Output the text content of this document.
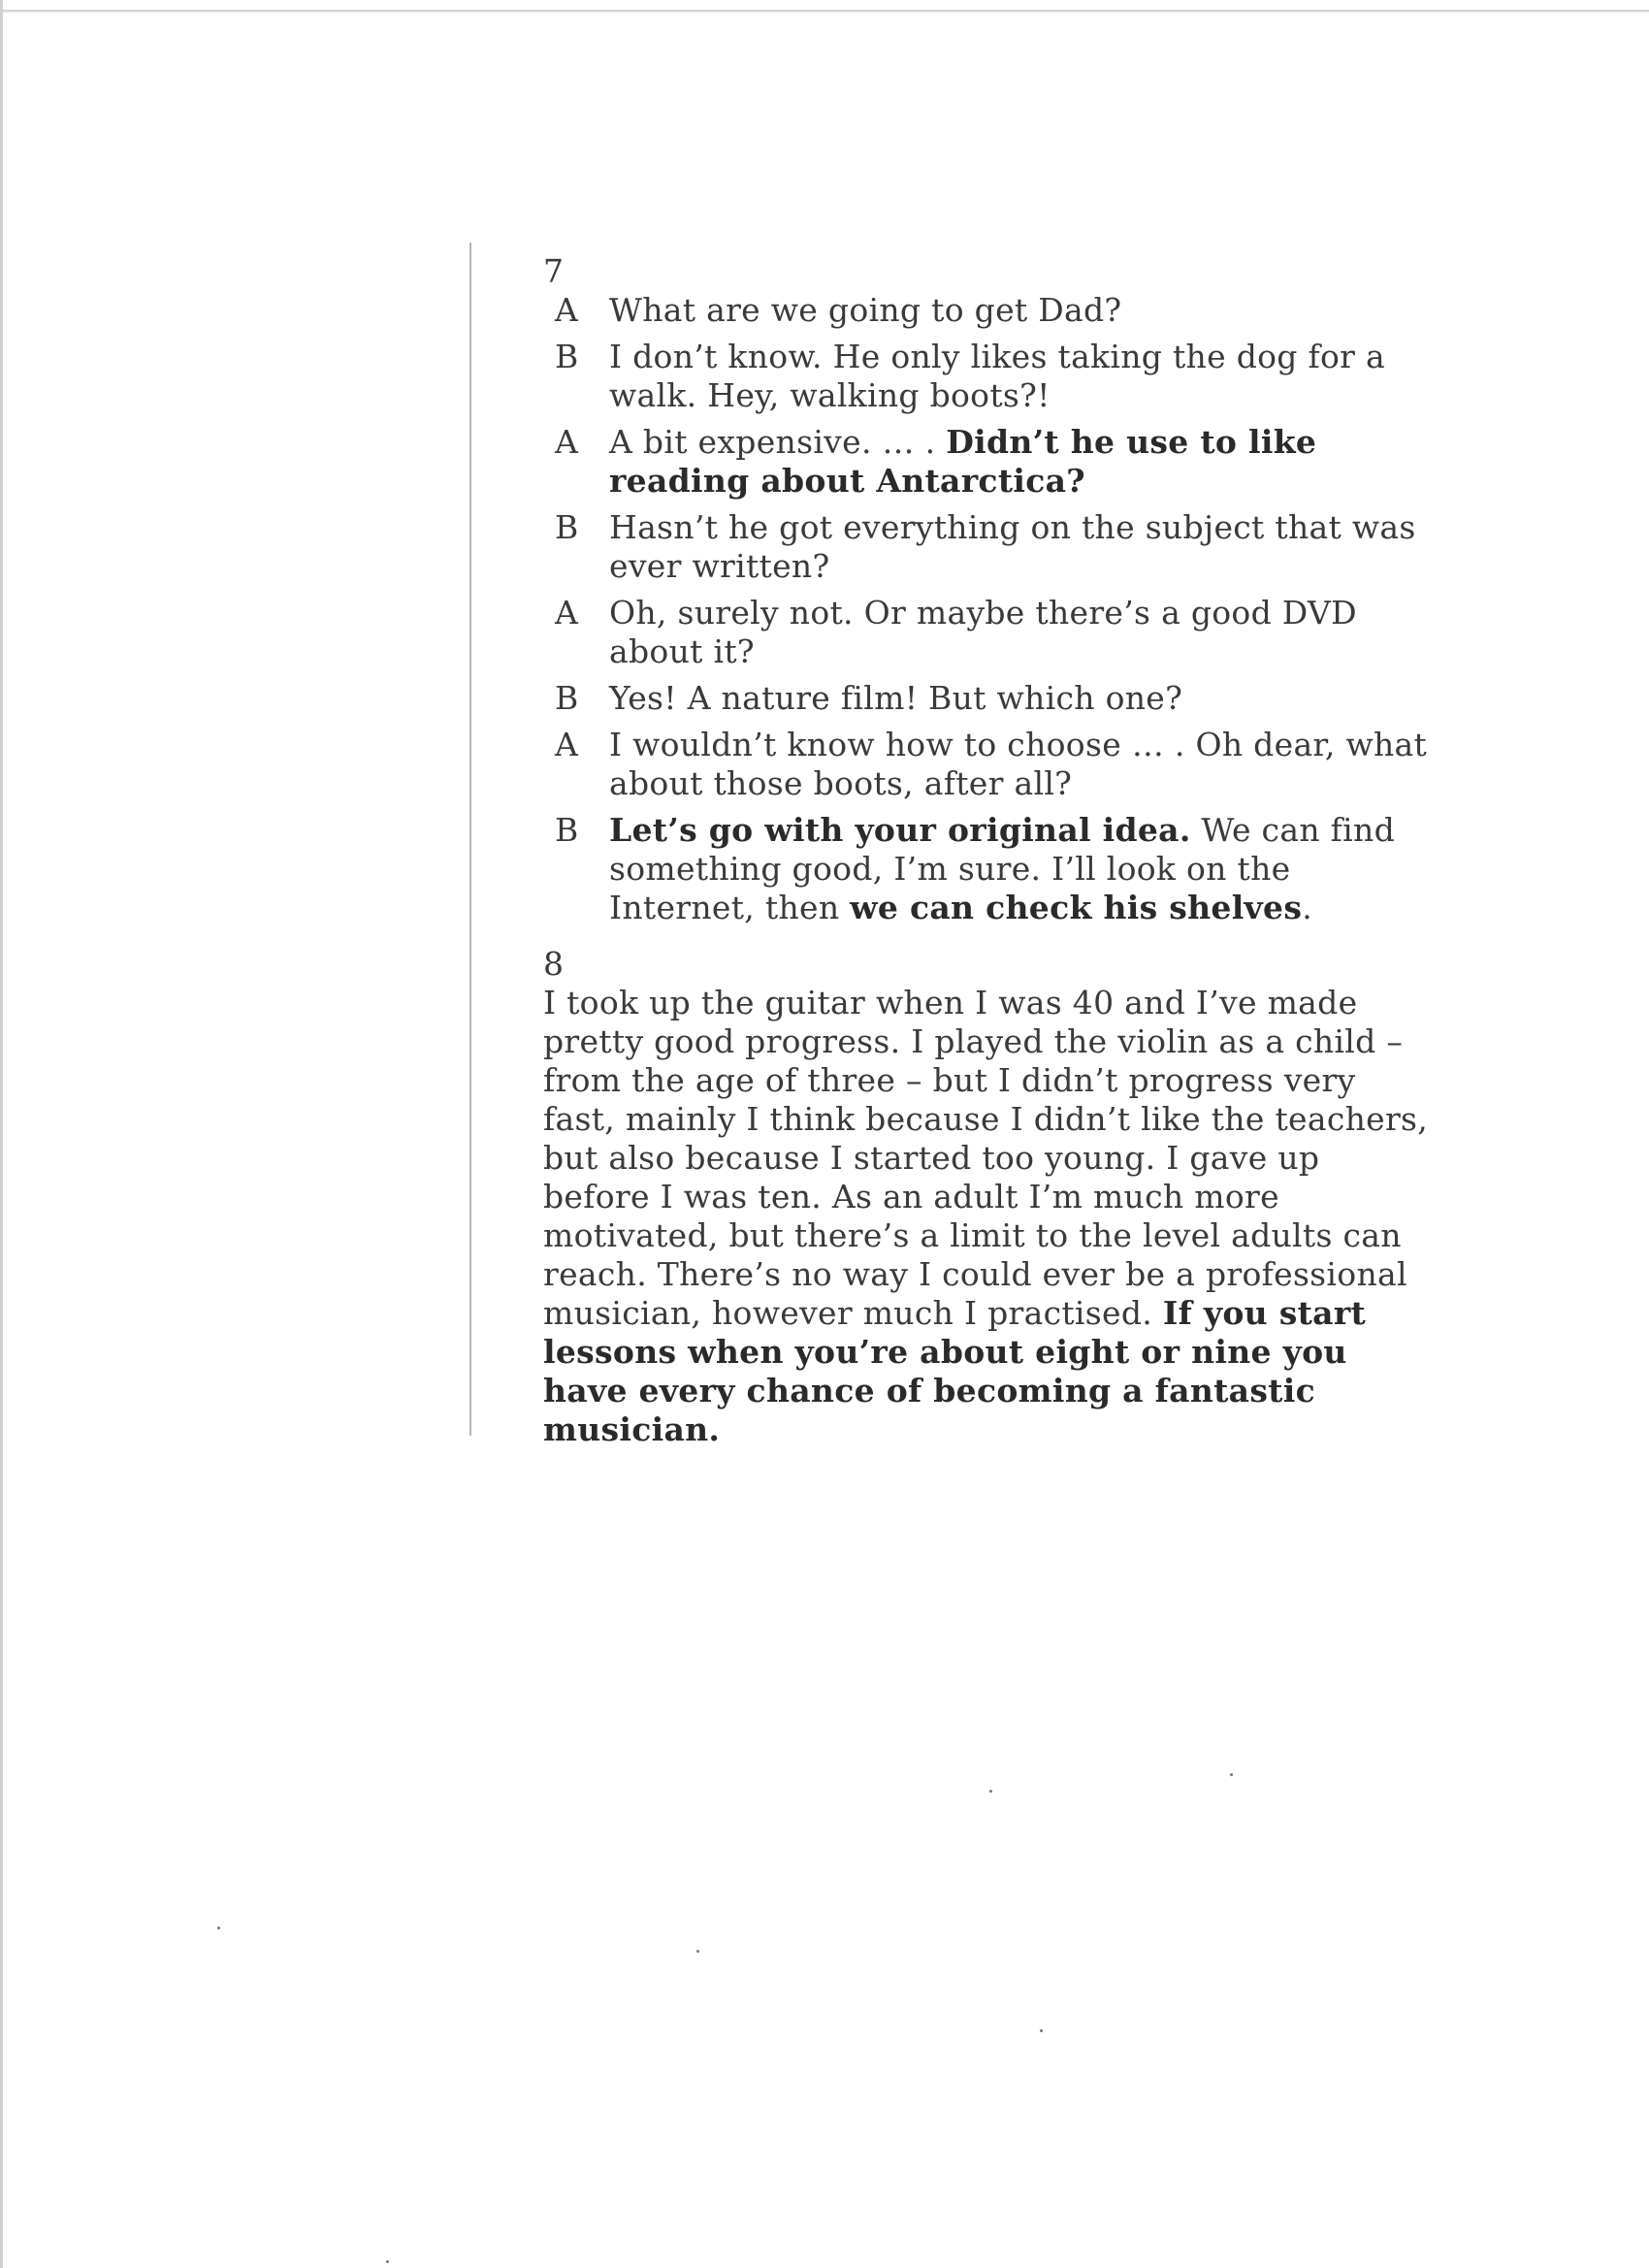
7

A What are we going to get Dad?
B I don’t know. He only likes taking the dog for a walk. Hey, walking boots?!
A A bit expensive. … . Didn’t he use to like reading about Antarctica?
B Hasn’t he got everything on the subject that was ever written?
A Oh, surely not. Or maybe there’s a good DVD about it?
B Yes! A nature film! But which one?
A I wouldn’t know how to choose … . Oh dear, what about those boots, after all?
B Let’s go with your original idea. We can find something good, I’m sure. I’ll look on the Internet, then we can check his shelves.

8

I took up the guitar when I was 40 and I’ve made pretty good progress. I played the violin as a child – from the age of three – but I didn’t progress very fast, mainly I think because I didn’t like the teachers, but also because I started too young. I gave up before I was ten. As an adult I’m much more motivated, but there’s a limit to the level adults can reach. There’s no way I could ever be a professional musician, however much I practised. If you start lessons when you’re about eight or nine you have every chance of becoming a fantastic musician.
